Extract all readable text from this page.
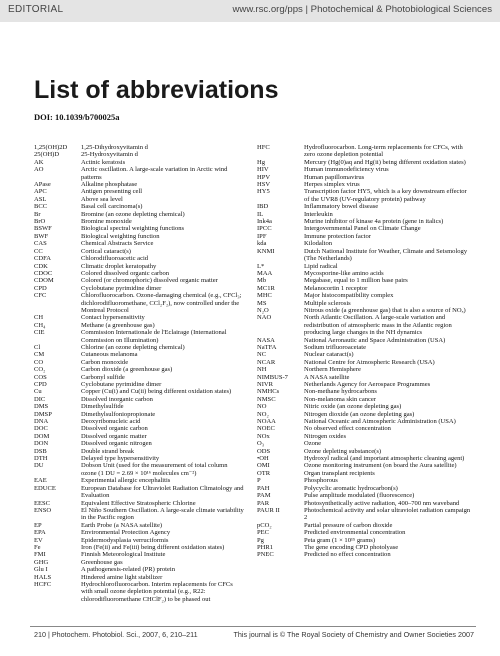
EDITORIAL	www.rsc.org/pps | Photochemical & Photobiological Sciences
List of abbreviations
DOI: 10.1039/b700025a
1,25(OH)2D	1,25-Dihydroxyvitamin d
25(OH)D	25-Hydroxyvitamin d
AK	Actinic keratosis
AO	Arctic oscillation. A large-scale variation in Arctic wind patterns
APase	Alkaline phosphatase
APC	Antigen presenting cell
ASL	Above sea level
BCC	Basal cell carcinoma(s)
Br	Bromine (an ozone depleting chemical)
BrO	Bromine monoxide
BSWF	Biological spectral weighting functions
BWF	Biological weighting function
CAS	Chemical Abstracts Service
CC	Cortical cataract(s)
CDFA	Chlorodifluoroacetic acid
CDK	Climatic droplet keratopathy
CDOC	Colored dissolved organic carbon
CDOM	Colored (or chromophoric) dissolved organic matter
CPD	Cyclobutane pyrimidine dimer
CFC	Chlorofluorocarbon. Ozone-damaging chemical (e.g., CFCl₃; dichlorodifluoromethane, CCl₂F₂), now controlled under the Montreal Protocol
CH	Contact hypersensitivity
CH₄	Methane (a greenhouse gas)
CIE	Commission Internationale de l'Eclairage (International Commission on Illumination)
Cl	Chlorine (an ozone depleting chemical)
CM	Cutaneous melanoma
CO	Carbon monoxide
CO₂	Carbon dioxide (a greenhouse gas)
COS	Carbonyl sulfide
CPD	Cyclobutane pyrimidine dimer
Cu	Copper (Cu(i) and Cu(ii) being different oxidation states)
DIC	Dissolved inorganic carbon
DMS	Dimethylsulfide
DMSP	Dimethylsulfoniopropionate
DNA	Deoxyribonucleic acid
DOC	Dissolved organic carbon
DOM	Dissolved organic matter
DON	Dissolved organic nitrogen
DSB	Double strand break
DTH	Delayed type hypersensitivity
DU	Dobson Unit (used for the measurement of total column ozone (1 DU = 2.69 × 10¹⁶ molecules cm⁻²)
EAE	Experimental allergic encephalitis
EDUCE	European Database for Ultraviolet Radiation Climatology and Evaluation
EESC	Equivalent Effective Stratospheric Chlorine
ENSO	El Niño Southern Oscillation. A large-scale climate variability in the Pacific region
EP	Earth Probe (a NASA satellite)
EPA	Environmental Protection Agency
EV	Epidermodysplasia verruciformis
Fe	Iron (Fe(ii) and Fe(iii) being different oxidation states)
FMI	Finnish Meteorological Institute
GHG	Greenhouse gas
Glu I	A pathogenesis-related (PR) protein
HALS	Hindered amine light stabilizer
HCFC	Hydrochlorofluorocarbon. Interim replacements for CFCs with small ozone depletion potential (e.g., R22: chlorodifluoromethane CHClF₂) to be phased out
HFC	Hydrofluorocarbon. Long-term replacements for CFCs, with zero ozone depletion potential
Hg	Mercury (Hg(0)aq and Hg(ii) being different oxidation states)
HIV	Human immunodeficiency virus
HPV	Human papillomavirus
HSV	Herpes simplex virus
HY5	Transcription factor HY5, which is a key downstream effector of the UVR8 (UV-regulatory protein) pathway
IBD	Inflammatory bowel disease
IL	Interleukin
Ink4a	Murine inhibitor of kinase 4a protein (gene in italics)
IPCC	Intergovernmental Panel on Climate Change
IPF	Immune protection factor
kda	Kilodalton
KNMI	Dutch National Institute for Weather, Climate and Seismology (The Netherlands)
L*	Lipid radical
MAA	Mycosporine-like amino acids
Mb	Megabase, equal to 1 million base pairs
MC1R	Melanocortin 1 receptor
MHC	Major histocompatibility complex
MS	Multiple sclerosis
N₂O	Nitrous oxide (a greenhouse gas) that is also a source of NOₓ)
NAO	North Atlantic Oscillation. A large-scale variation and redistribution of atmospheric mass in the Atlantic region producing large changes in the NH dynamics
NASA	National Aeronautic and Space Administration (USA)
NaTFA	Sodium trifluoroacetate
NC	Nuclear cataract(s)
NCAR	National Centre for Atmospheric Research (USA)
NH	Northern Hemisphere
NIMBUS-7	A NASA satellite
NIVR	Netherlands Agency for Aerospace Programmes
NMHCs	Non-methane hydrocarbons
NMSC	Non-melanoma skin cancer
NO	Nitric oxide (an ozone depleting gas)
NO₂	Nitrogen dioxide (an ozone depleting gas)
NOAA	National Oceanic and Atmospheric Administration (USA)
NOEC	No observed effect concentration
NOx	Nitrogen oxides
O₃	Ozone
ODS	Ozone depleting substance(s)
•OH	Hydroxyl radical (and important atmospheric cleaning agent)
OMI	Ozone monitoring instrument (on board the Aura satellite)
OTR	Organ transplant recipients
P	Phosphorous
PAH	Polycyclic aromatic hydrocarbon(s)
PAM	Pulse amplitude modulated (fluorescence)
PAR	Photosynthetically active radiation, 400–700 nm waveband
PAUR II	Photochemical activity and solar ultraviolet radiation campaign 2
pCO₂	Partial pressure of carbon dioxide
PEC	Predicted environmental concentration
Pg	Peta gram (1 × 10¹⁵ grams)
PHR1	The gene encoding CPD photolyase
PNEC	Predicted no effect concentration
210 | Photochem. Photobiol. Sci., 2007, 6, 210–211	This journal is © The Royal Society of Chemistry and Owner Societies 2007
